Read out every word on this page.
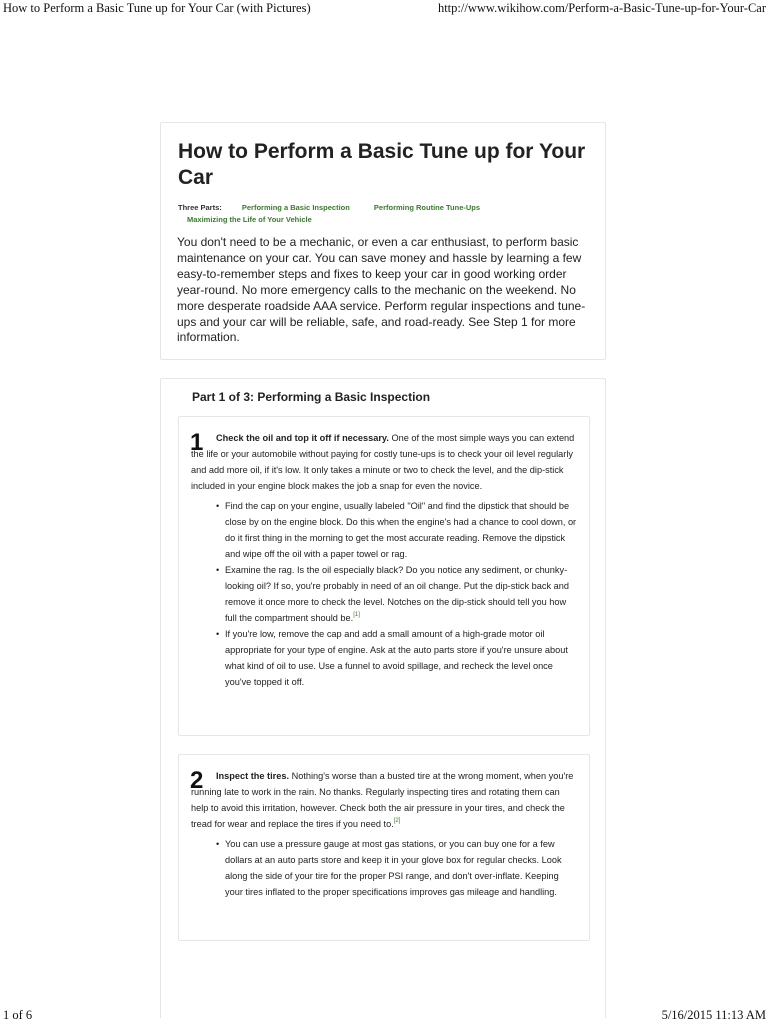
How to Perform a Basic Tune up for Your Car (with Pictures)	http://www.wikihow.com/Perform-a-Basic-Tune-up-for-Your-Car
How to Perform a Basic Tune up for Your Car
Three Parts:	Performing a Basic Inspection	Performing Routine Tune-Ups
Maximizing the Life of Your Vehicle

You don't need to be a mechanic, or even a car enthusiast, to perform basic maintenance on your car. You can save money and hassle by learning a few easy-to-remember steps and fixes to keep your car in good working order year-round. No more emergency calls to the mechanic on the weekend. No more desperate roadside AAA service. Perform regular inspections and tune-ups and your car will be reliable, safe, and road-ready. See Step 1 for more information.

Part 1 of 3: Performing a Basic Inspection
1	Check the oil and top it off if necessary. One of the most simple ways you can extend the life or your automobile without paying for costly tune-ups is to check your oil level regularly and add more oil, if it's low. It only takes a minute or two to check the level, and the dip-stick included in your engine block makes the job a snap for even the novice.

• Find the cap on your engine, usually labeled "Oil" and find the dipstick that should be close by on the engine block. Do this when the engine's had a chance to cool down, or do it first thing in the morning to get the most accurate reading. Remove the dipstick and wipe off the oil with a paper towel or rag.
• Examine the rag. Is the oil especially black? Do you notice any sediment, or chunky-looking oil? If so, you're probably in need of an oil change. Put the dip-stick back and remove it once more to check the level. Notches on the dip-stick should tell you how full the compartment should be.[1]
• If you're low, remove the cap and add a small amount of a high-grade motor oil appropriate for your type of engine. Ask at the auto parts store if you're unsure about what kind of oil to use. Use a funnel to avoid spillage, and recheck the level once you've topped it off.
2	Inspect the tires. Nothing's worse than a busted tire at the wrong moment, when you're running late to work in the rain. No thanks. Regularly inspecting tires and rotating them can help to avoid this irritation, however. Check both the air pressure in your tires, and check the tread for wear and replace the tires if you need to.[2]

• You can use a pressure gauge at most gas stations, or you can buy one for a few dollars at an auto parts store and keep it in your glove box for regular checks. Look along the side of your tire for the proper PSI range, and don't over-inflate. Keeping your tires inflated to the proper specifications improves gas mileage and handling.
1 of 6	5/16/2015 11:13 AM
